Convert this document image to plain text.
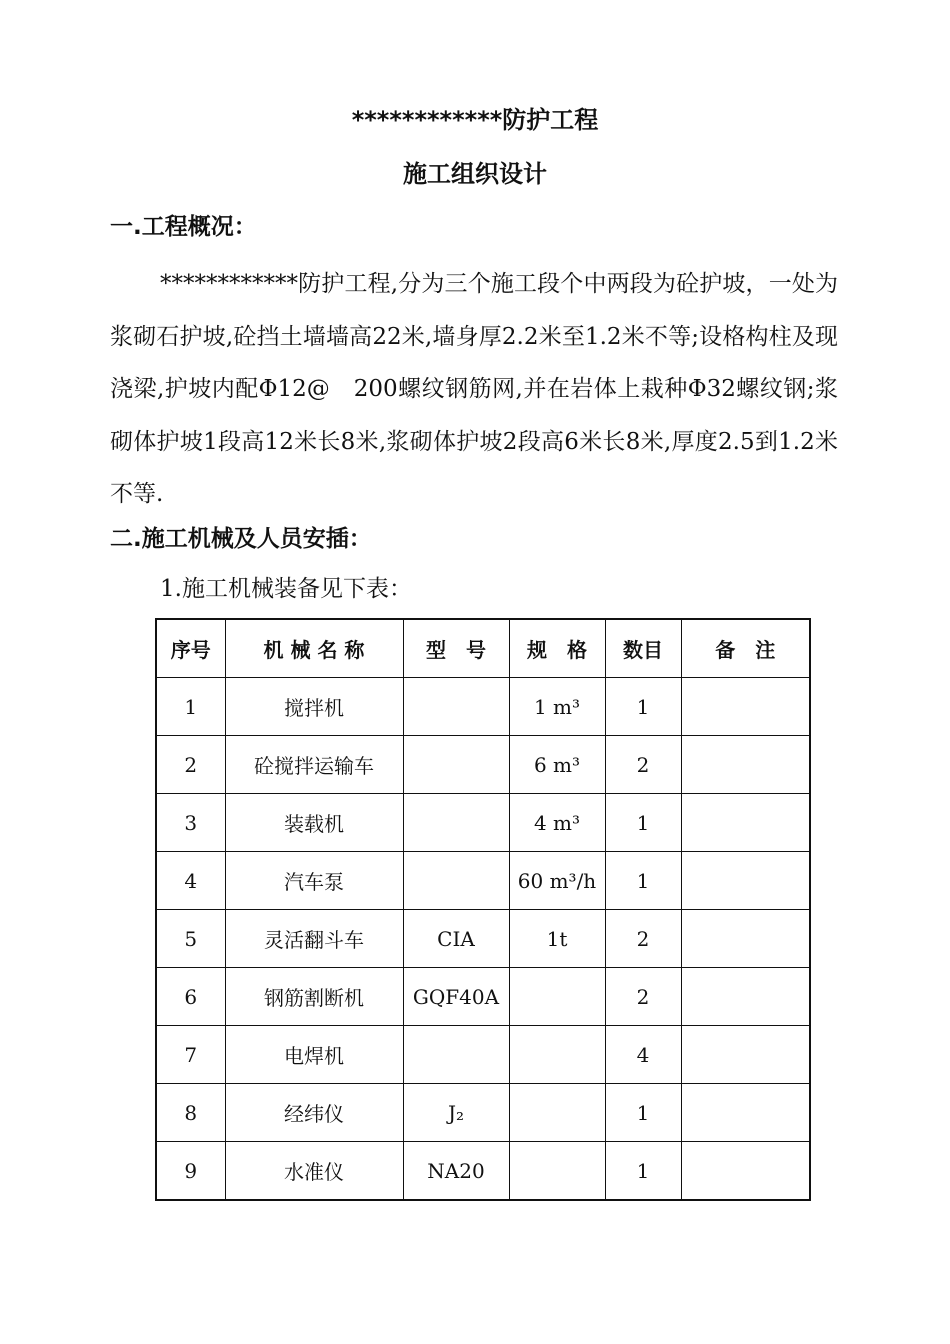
************防护工程
施工组织设计
一.工程概况：
************防护工程,分为三个施工段个中两段为砼护坡，一处为浆砌石护坡,砼挡土墙墙高22米,墙身厚2.2米至1.2米不等;设格构柱及现浇梁,护坡内配Φ12@　200螺纹钢筋网,并在岩体上栽种Φ32螺纹钢;浆砌体护坡1段高12米长8米,浆砌体护坡2段高6米长8米,厚度2.5到1.2米不等.
二.施工机械及人员安插：
1.施工机械装备见下表：
序号	机 械 名 称	型　号	规　格	数目	备　注
1	搅拌机		1 m³	1	
2	砼搅拌运输车		6 m³	2	
3	装载机		4 m³	1	
4	汽车泵		60 m³/h	1	
5	灵活翻斗车	CIA	1t	2	
6	钢筋割断机	GQF40A		2	
7	电焊机			4	
8	经纬仪	J₂		1	
9	水准仪	NA20		1	
